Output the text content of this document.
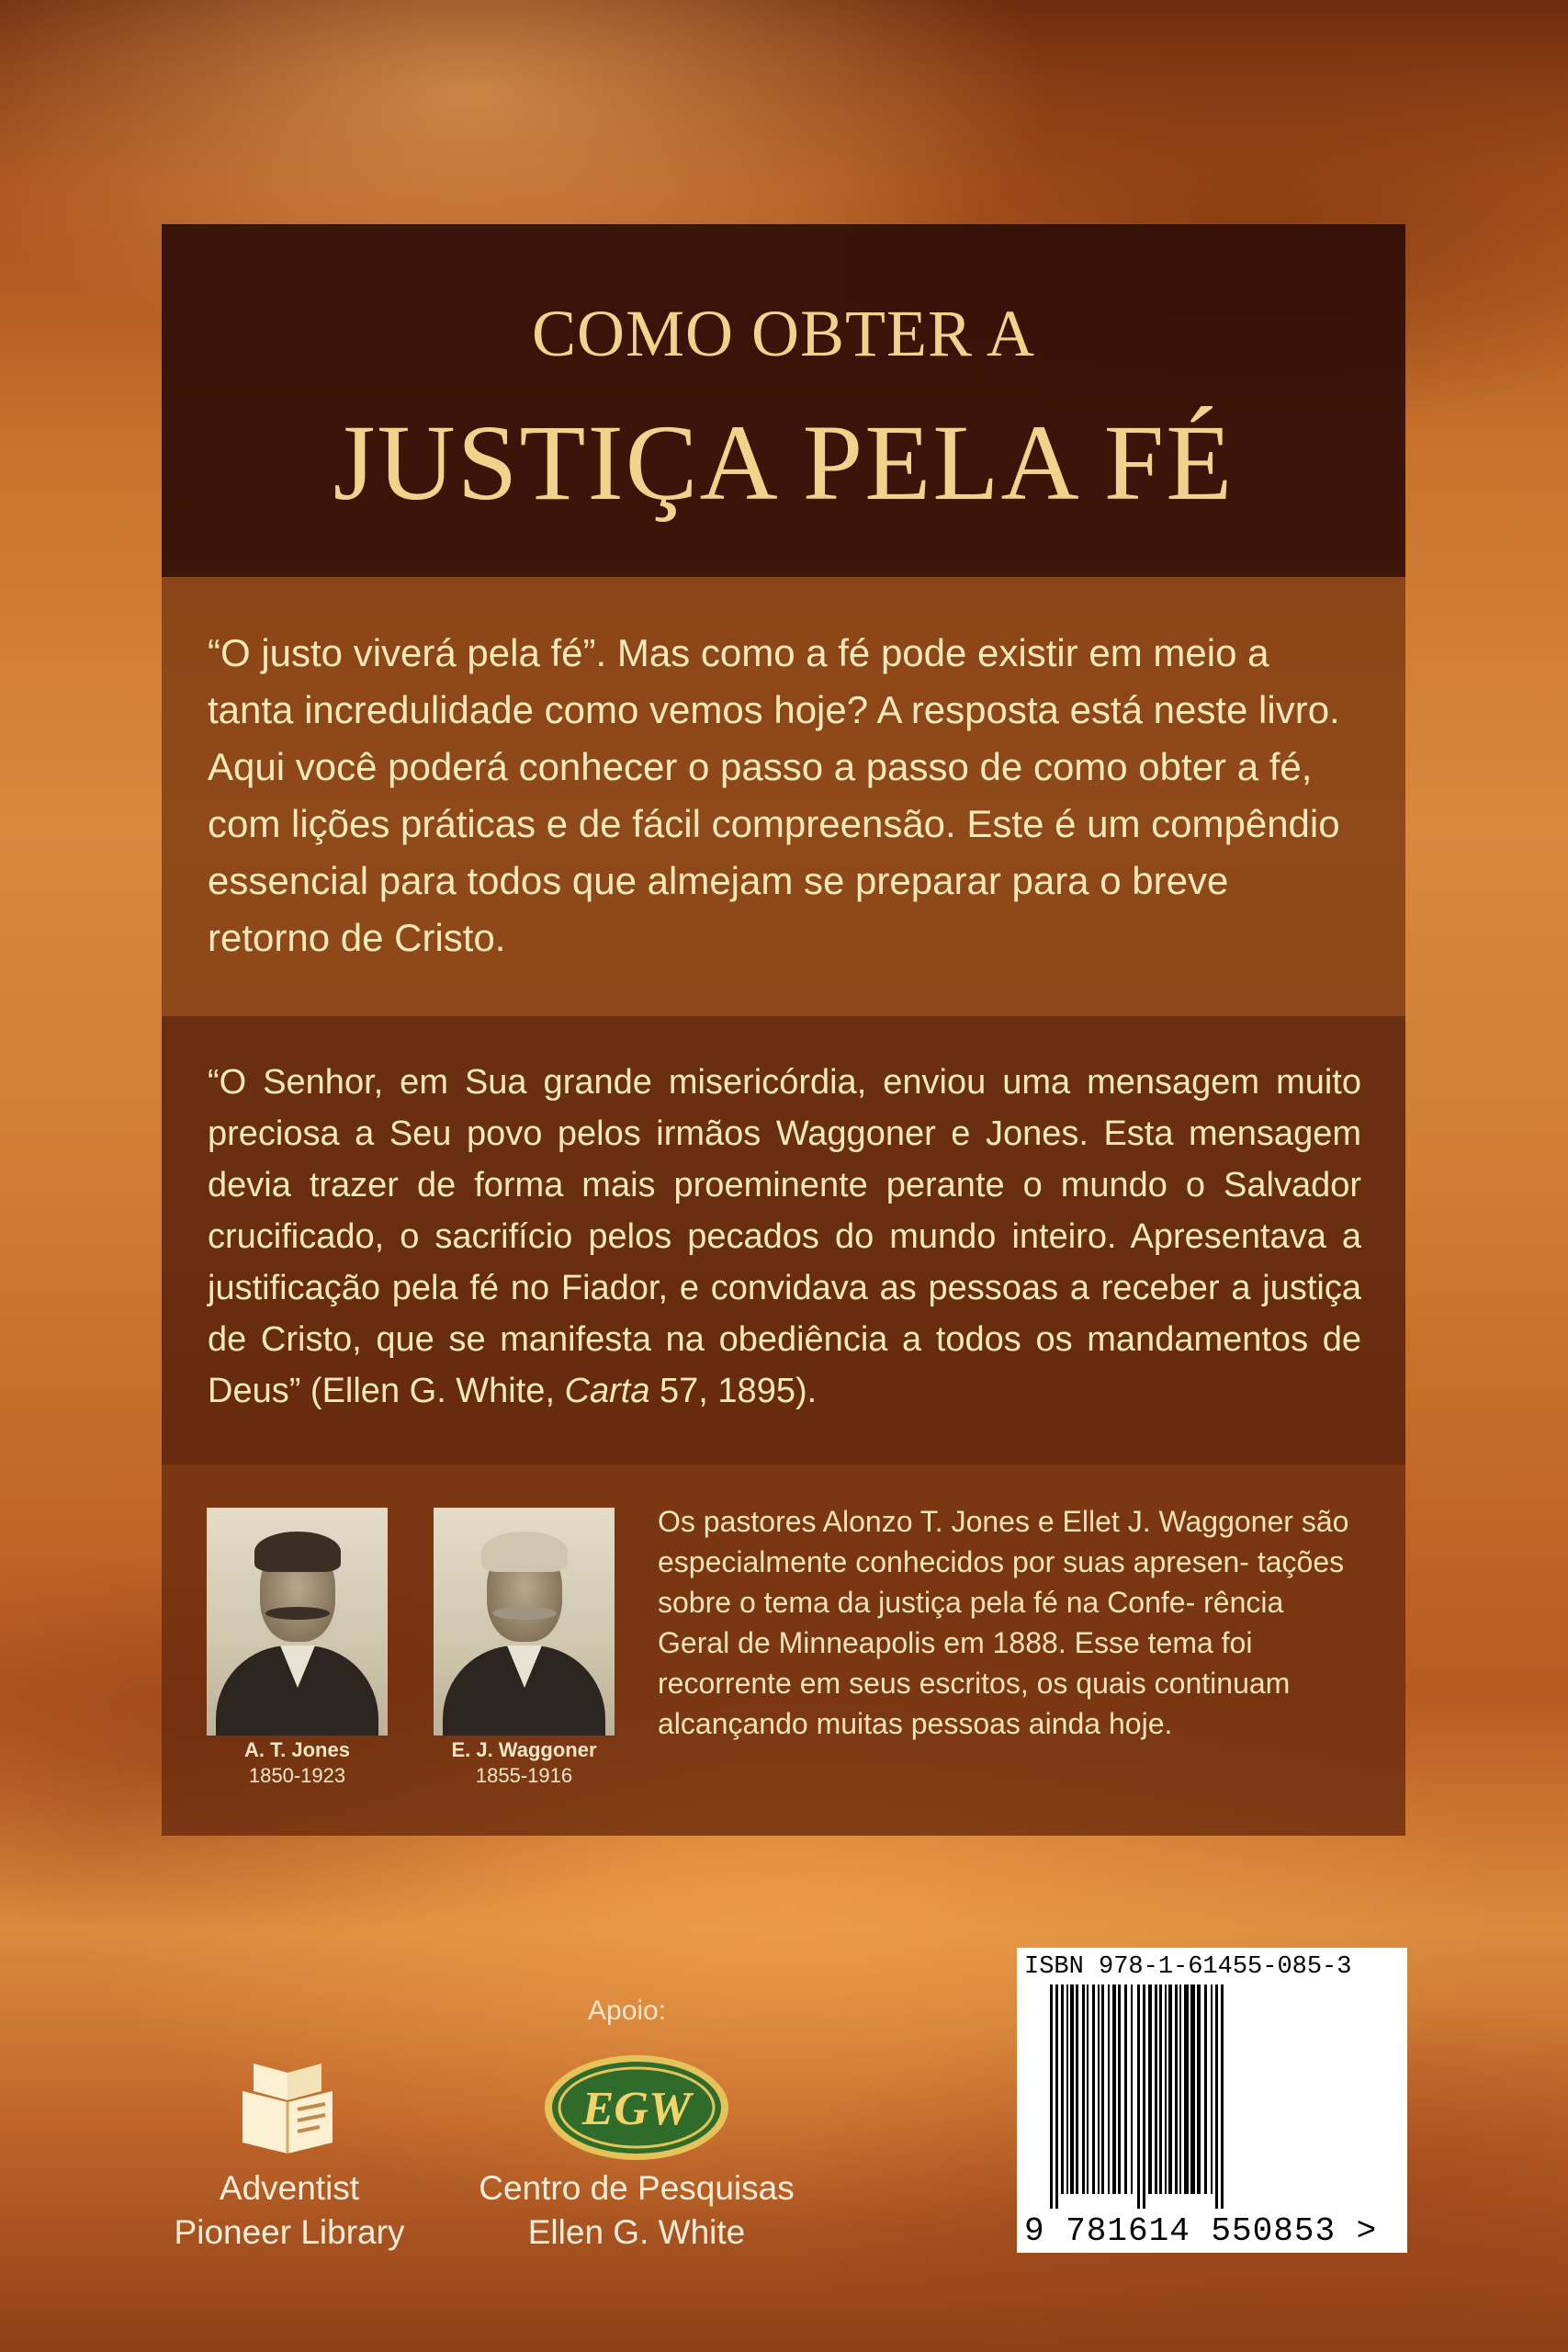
COMO OBTER A
JUSTIÇA PELA FÉ
“O justo viverá pela fé”. Mas como a fé pode existir em meio a tanta incredulidade como vemos hoje? A resposta está neste livro. Aqui você poderá conhecer o passo a passo de como obter a fé, com lições práticas e de fácil compreensão. Este é um compêndio essencial para todos que almejam se preparar para o breve retorno de Cristo.
“O Senhor, em Sua grande misericórdia, enviou uma mensagem muito preciosa a Seu povo pelos irmãos Waggoner e Jones. Esta mensagem devia trazer de forma mais proeminente perante o mundo o Salvador crucificado, o sacrifício pelos pecados do mundo inteiro. Apresentava a justificação pela fé no Fiador, e convidava as pessoas a receber a justiça de Cristo, que se manifesta na obediência a todos os mandamentos de Deus” (Ellen G. White, Carta 57, 1895).
A. T. Jones
1850-1923
E. J. Waggoner
1855-1916
Os pastores Alonzo T. Jones e Ellet J. Waggoner são especialmente conhecidos por suas apresen- tações sobre o tema da justiça pela fé na Confe- rência Geral de Minneapolis em 1888. Esse tema foi recorrente em seus escritos, os quais continuam alcançando muitas pessoas ainda hoje.
Apoio:
Adventist
Pioneer Library
EGW
Centro de Pesquisas
Ellen G. White
ISBN 978-1-61455-085-3
9 781614 550853 >
